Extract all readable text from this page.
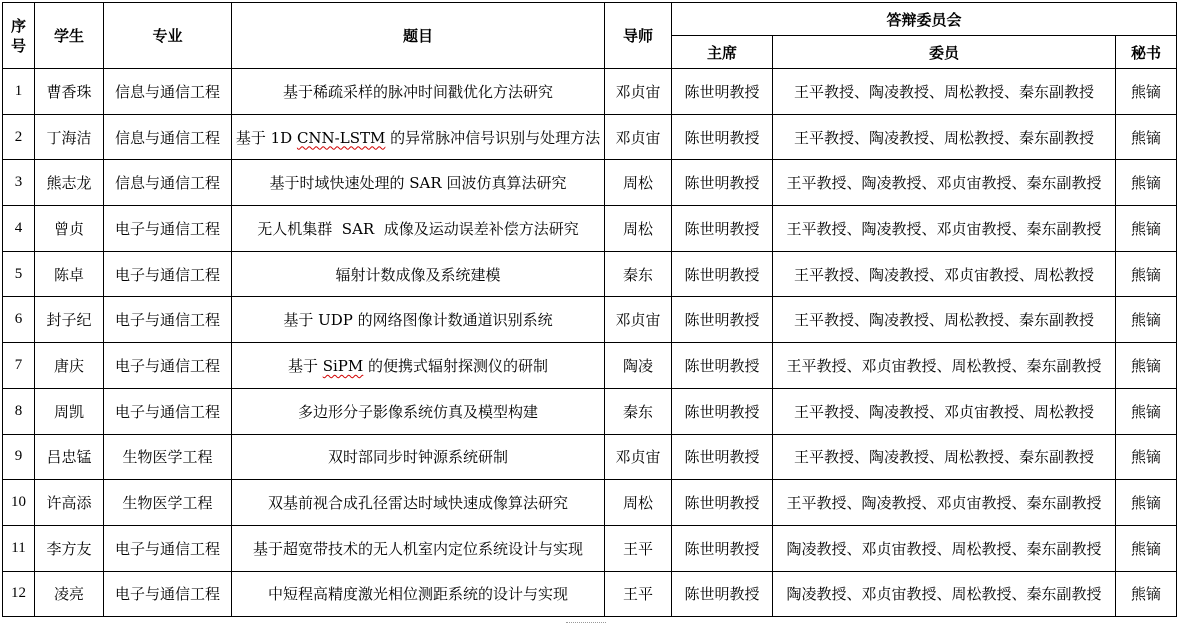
序号	学生	专业	题目	导师	答辩委员会		
					主席	委员	秘书
1	曹香珠	信息与通信工程	基于稀疏采样的脉冲时间戳优化方法研究	邓贞宙	陈世明教授	王平教授、陶凌教授、周松教授、秦东副教授	熊镝
2	丁海洁	信息与通信工程	基于 1D CNN-LSTM 的异常脉冲信号识别与处理方法	邓贞宙	陈世明教授	王平教授、陶凌教授、周松教授、秦东副教授	熊镝
3	熊志龙	信息与通信工程	基于时域快速处理的 SAR 回波仿真算法研究	周松	陈世明教授	王平教授、陶凌教授、邓贞宙教授、秦东副教授	熊镝
4	曾贞	电子与通信工程	无人机集群  SAR  成像及运动误差补偿方法研究	周松	陈世明教授	王平教授、陶凌教授、邓贞宙教授、秦东副教授	熊镝
5	陈卓	电子与通信工程	辐射计数成像及系统建模	秦东	陈世明教授	王平教授、陶凌教授、邓贞宙教授、周松教授	熊镝
6	封子纪	电子与通信工程	基于 UDP 的网络图像计数通道识别系统	邓贞宙	陈世明教授	王平教授、陶凌教授、周松教授、秦东副教授	熊镝
7	唐庆	电子与通信工程	基于 SiPM 的便携式辐射探测仪的研制	陶凌	陈世明教授	王平教授、邓贞宙教授、周松教授、秦东副教授	熊镝
8	周凯	电子与通信工程	多边形分子影像系统仿真及模型构建	秦东	陈世明教授	王平教授、陶凌教授、邓贞宙教授、周松教授	熊镝
9	吕忠锰	生物医学工程	双时部同步时钟源系统研制	邓贞宙	陈世明教授	王平教授、陶凌教授、周松教授、秦东副教授	熊镝
10	许高添	生物医学工程	双基前视合成孔径雷达时域快速成像算法研究	周松	陈世明教授	王平教授、陶凌教授、邓贞宙教授、秦东副教授	熊镝
11	李方友	电子与通信工程	基于超宽带技术的无人机室内定位系统设计与实现	王平	陈世明教授	陶凌教授、邓贞宙教授、周松教授、秦东副教授	熊镝
12	凌亮	电子与通信工程	中短程高精度激光相位测距系统的设计与实现	王平	陈世明教授	陶凌教授、邓贞宙教授、周松教授、秦东副教授	熊镝
